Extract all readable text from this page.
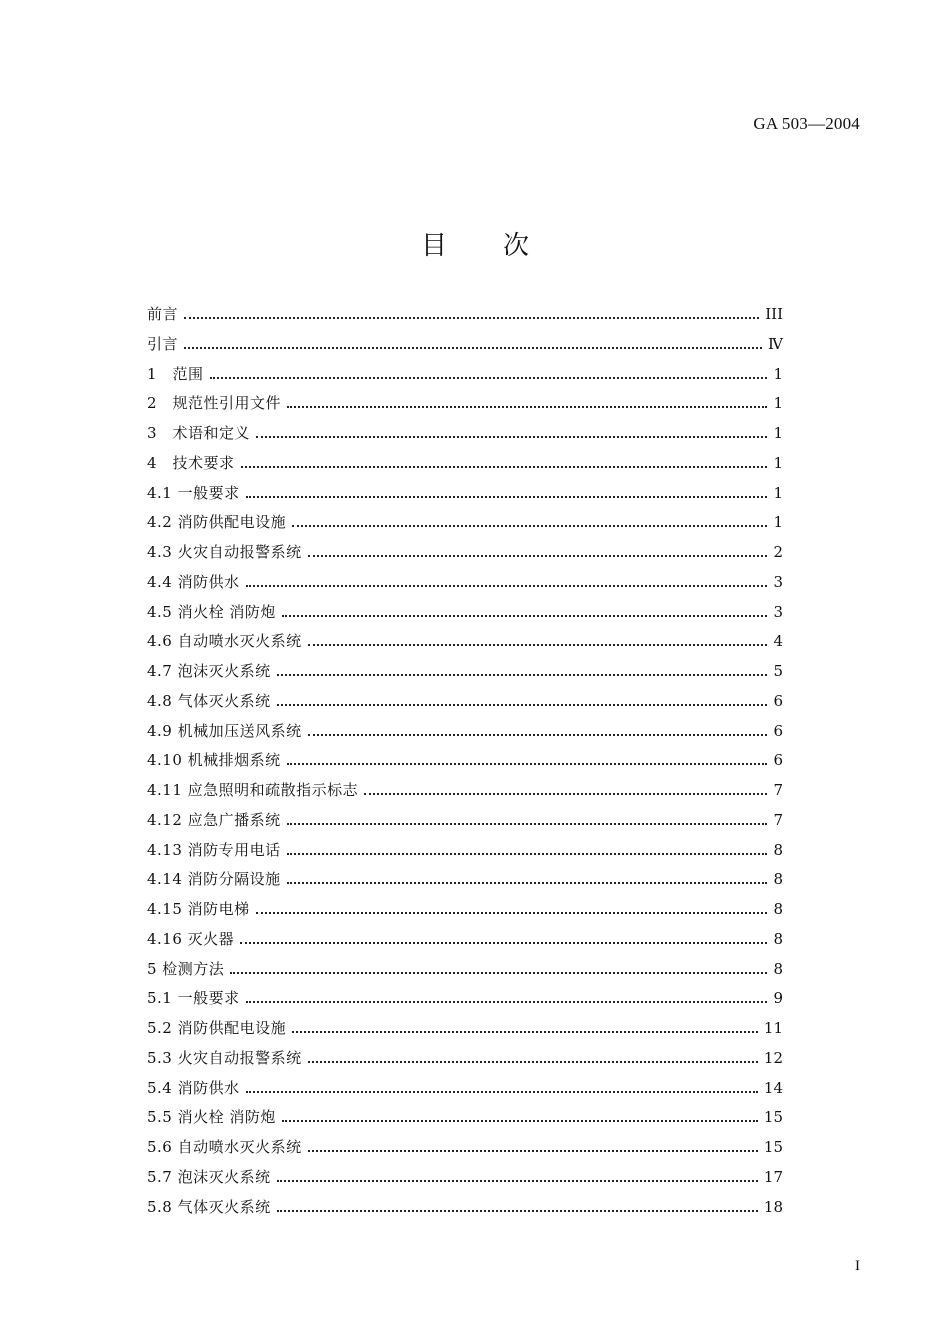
GA 503—2004
目 次
前言	III
引言	Ⅳ
1　范围	1
2　规范性引用文件	1
3　术语和定义	1
4　技术要求	1
4.1 一般要求	1
4.2 消防供配电设施	1
4.3 火灾自动报警系统	2
4.4 消防供水	3
4.5 消火栓 消防炮	3
4.6 自动喷水灭火系统	4
4.7 泡沫灭火系统	5
4.8 气体灭火系统	6
4.9 机械加压送风系统	6
4.10 机械排烟系统	6
4.11 应急照明和疏散指示标志	7
4.12 应急广播系统	7
4.13 消防专用电话	8
4.14 消防分隔设施	8
4.15 消防电梯	8
4.16 灭火器	8
5 检测方法	8
5.1 一般要求	9
5.2 消防供配电设施	11
5.3 火灾自动报警系统	12
5.4 消防供水	14
5.5 消火栓 消防炮	15
5.6 自动喷水灭火系统	15
5.7 泡沫灭火系统	17
5.8 气体灭火系统	18
I
